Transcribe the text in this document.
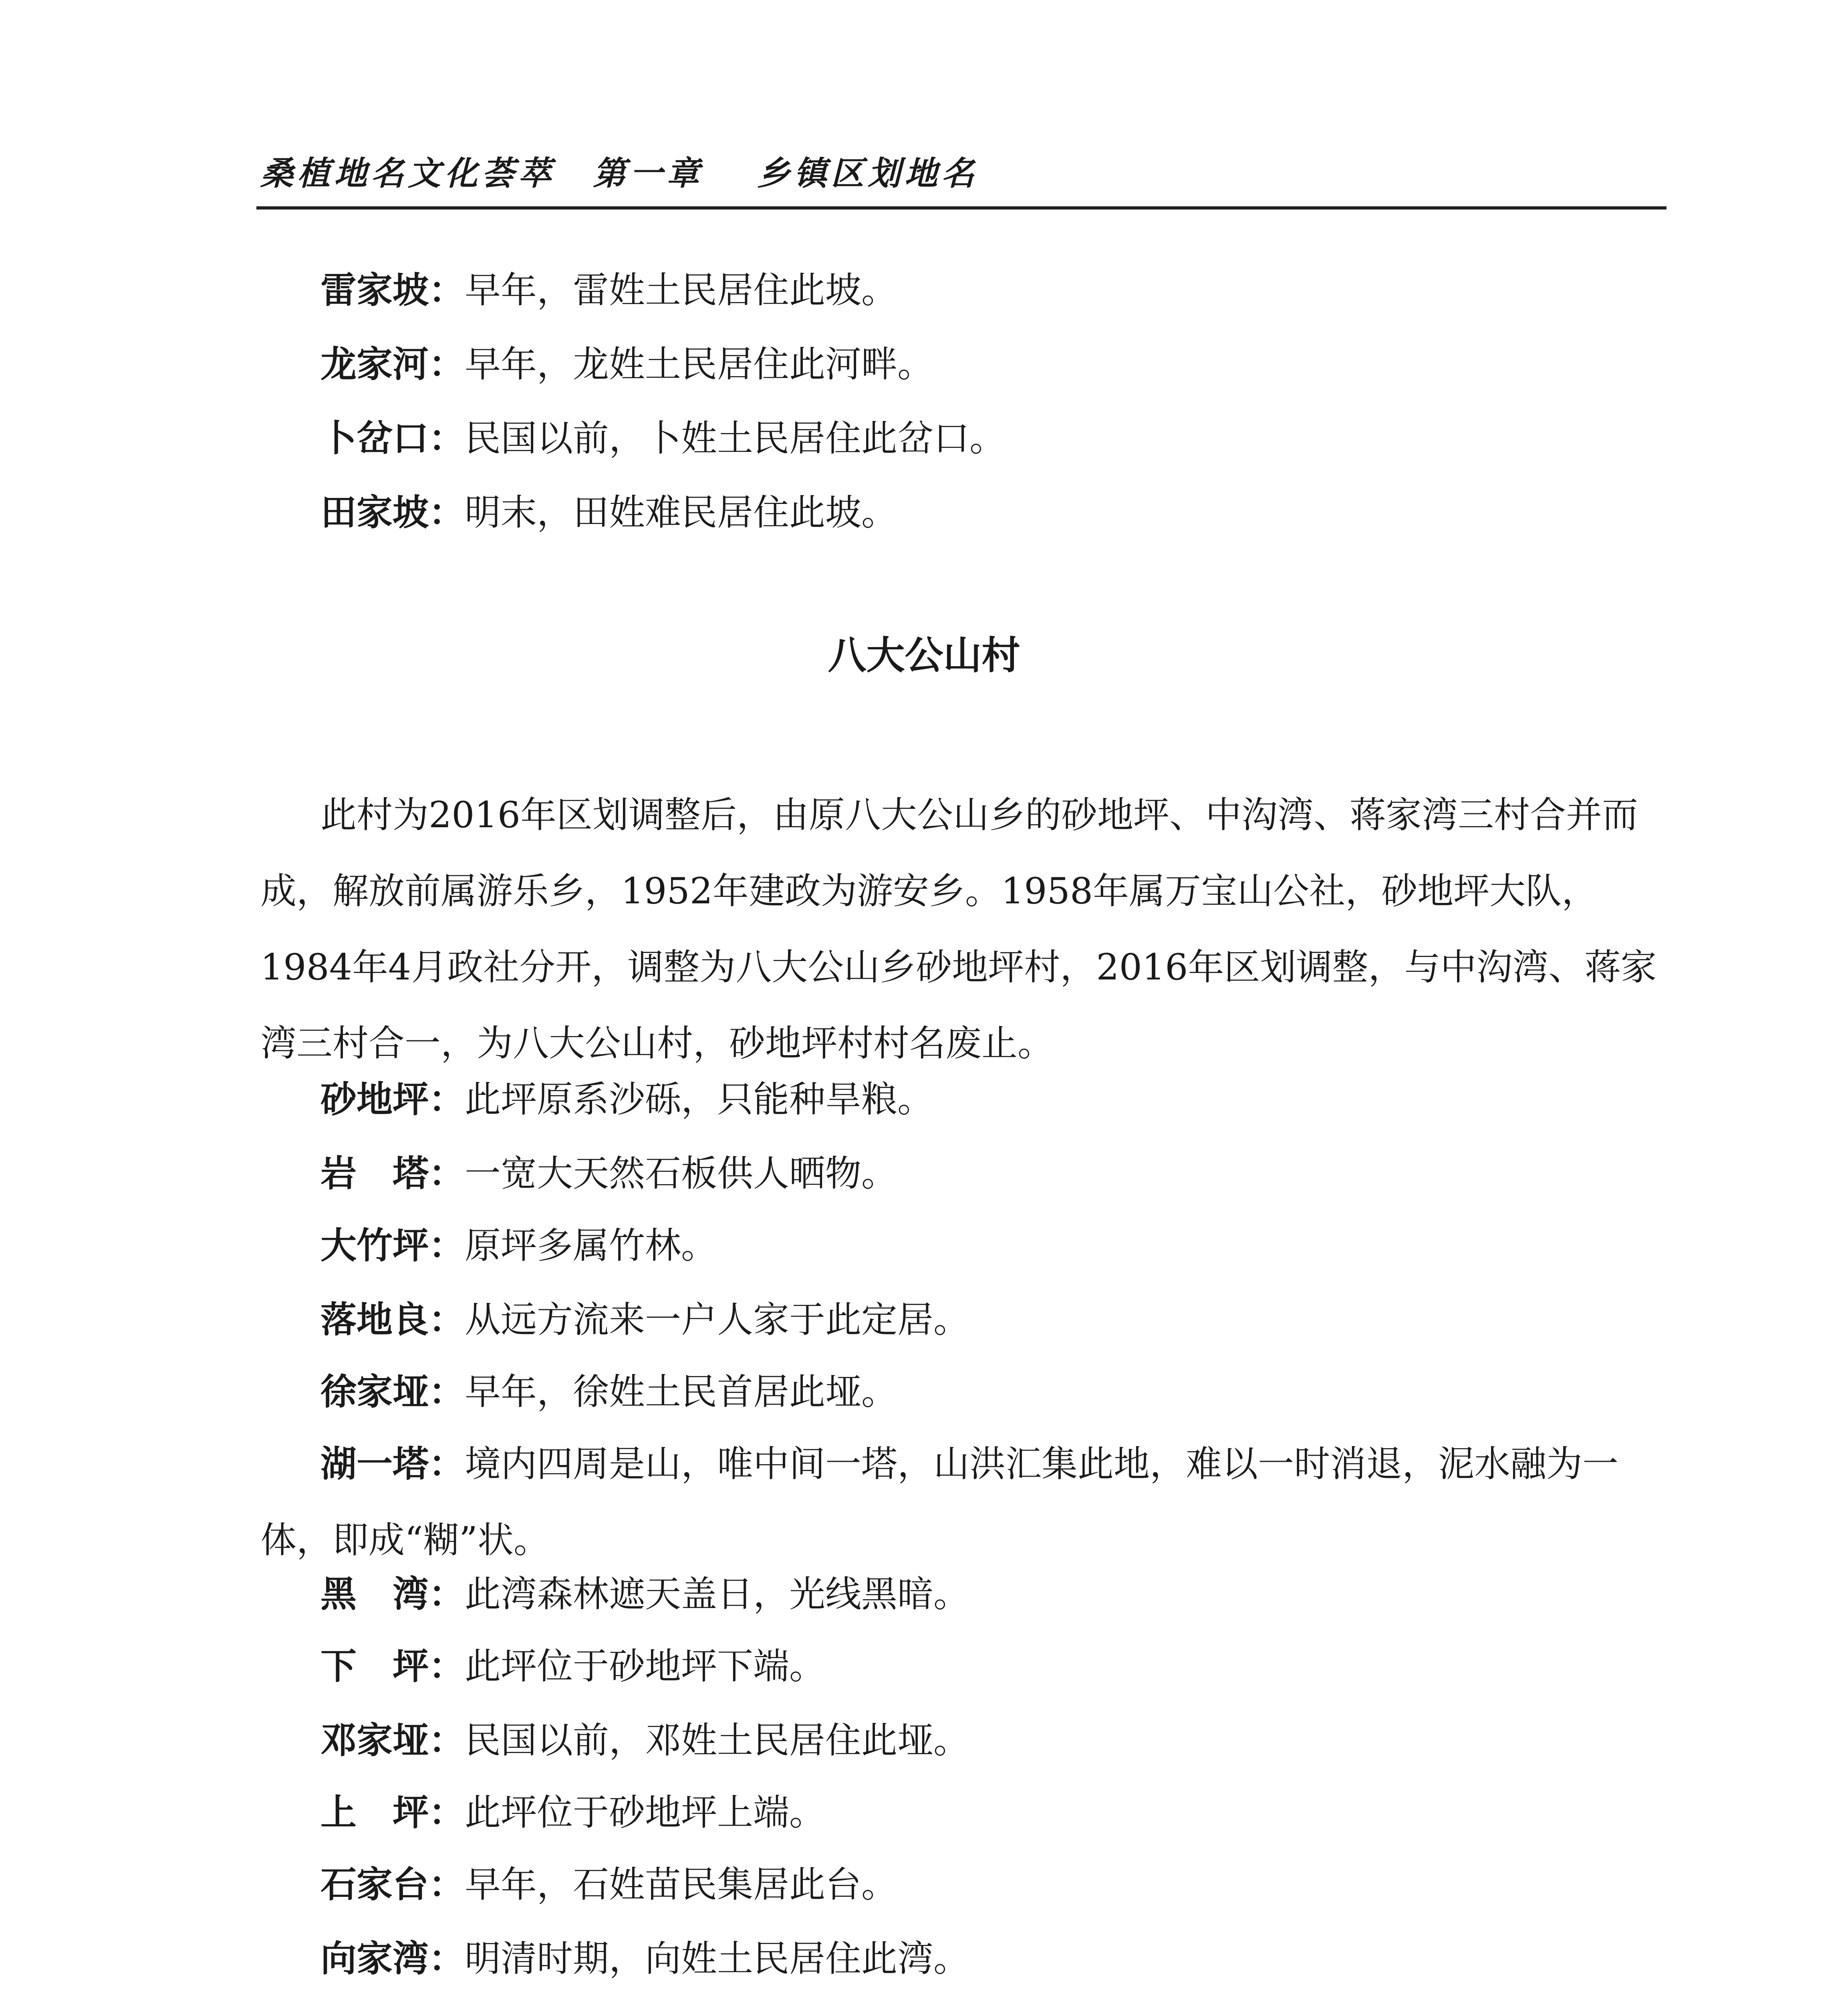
桑植地名文化荟萃 第一章 乡镇区划地名
雷家坡：早年，雷姓土民居住此坡。
龙家河：早年，龙姓土民居住此河畔。
卜岔口：民国以前，卜姓土民居住此岔口。
田家坡：明末，田姓难民居住此坡。
八大公山村
此村为2016年区划调整后，由原八大公山乡的砂地坪、中沟湾、蒋家湾三村合并而成，解放前属游乐乡，1952年建政为游安乡。1958年属万宝山公社，砂地坪大队，1984年4月政社分开，调整为八大公山乡砂地坪村，2016年区划调整，与中沟湾、蒋家湾三村合一，为八大公山村，砂地坪村村名废止。
砂地坪：此坪原系沙砾，只能种旱粮。
岩　塔：一宽大天然石板供人晒物。
大竹坪：原坪多属竹林。
落地良：从远方流来一户人家于此定居。
徐家垭：早年，徐姓土民首居此垭。
湖一塔：境内四周是山，唯中间一塔，山洪汇集此地，难以一时消退，泥水融为一体，即成“糊”状。
黑　湾：此湾森林遮天盖日，光线黑暗。
下　坪：此坪位于砂地坪下端。
邓家垭：民国以前，邓姓土民居住此垭。
上　坪：此坪位于砂地坪上端。
石家台：早年，石姓苗民集居此台。
向家湾：明清时期，向姓土民居住此湾。
